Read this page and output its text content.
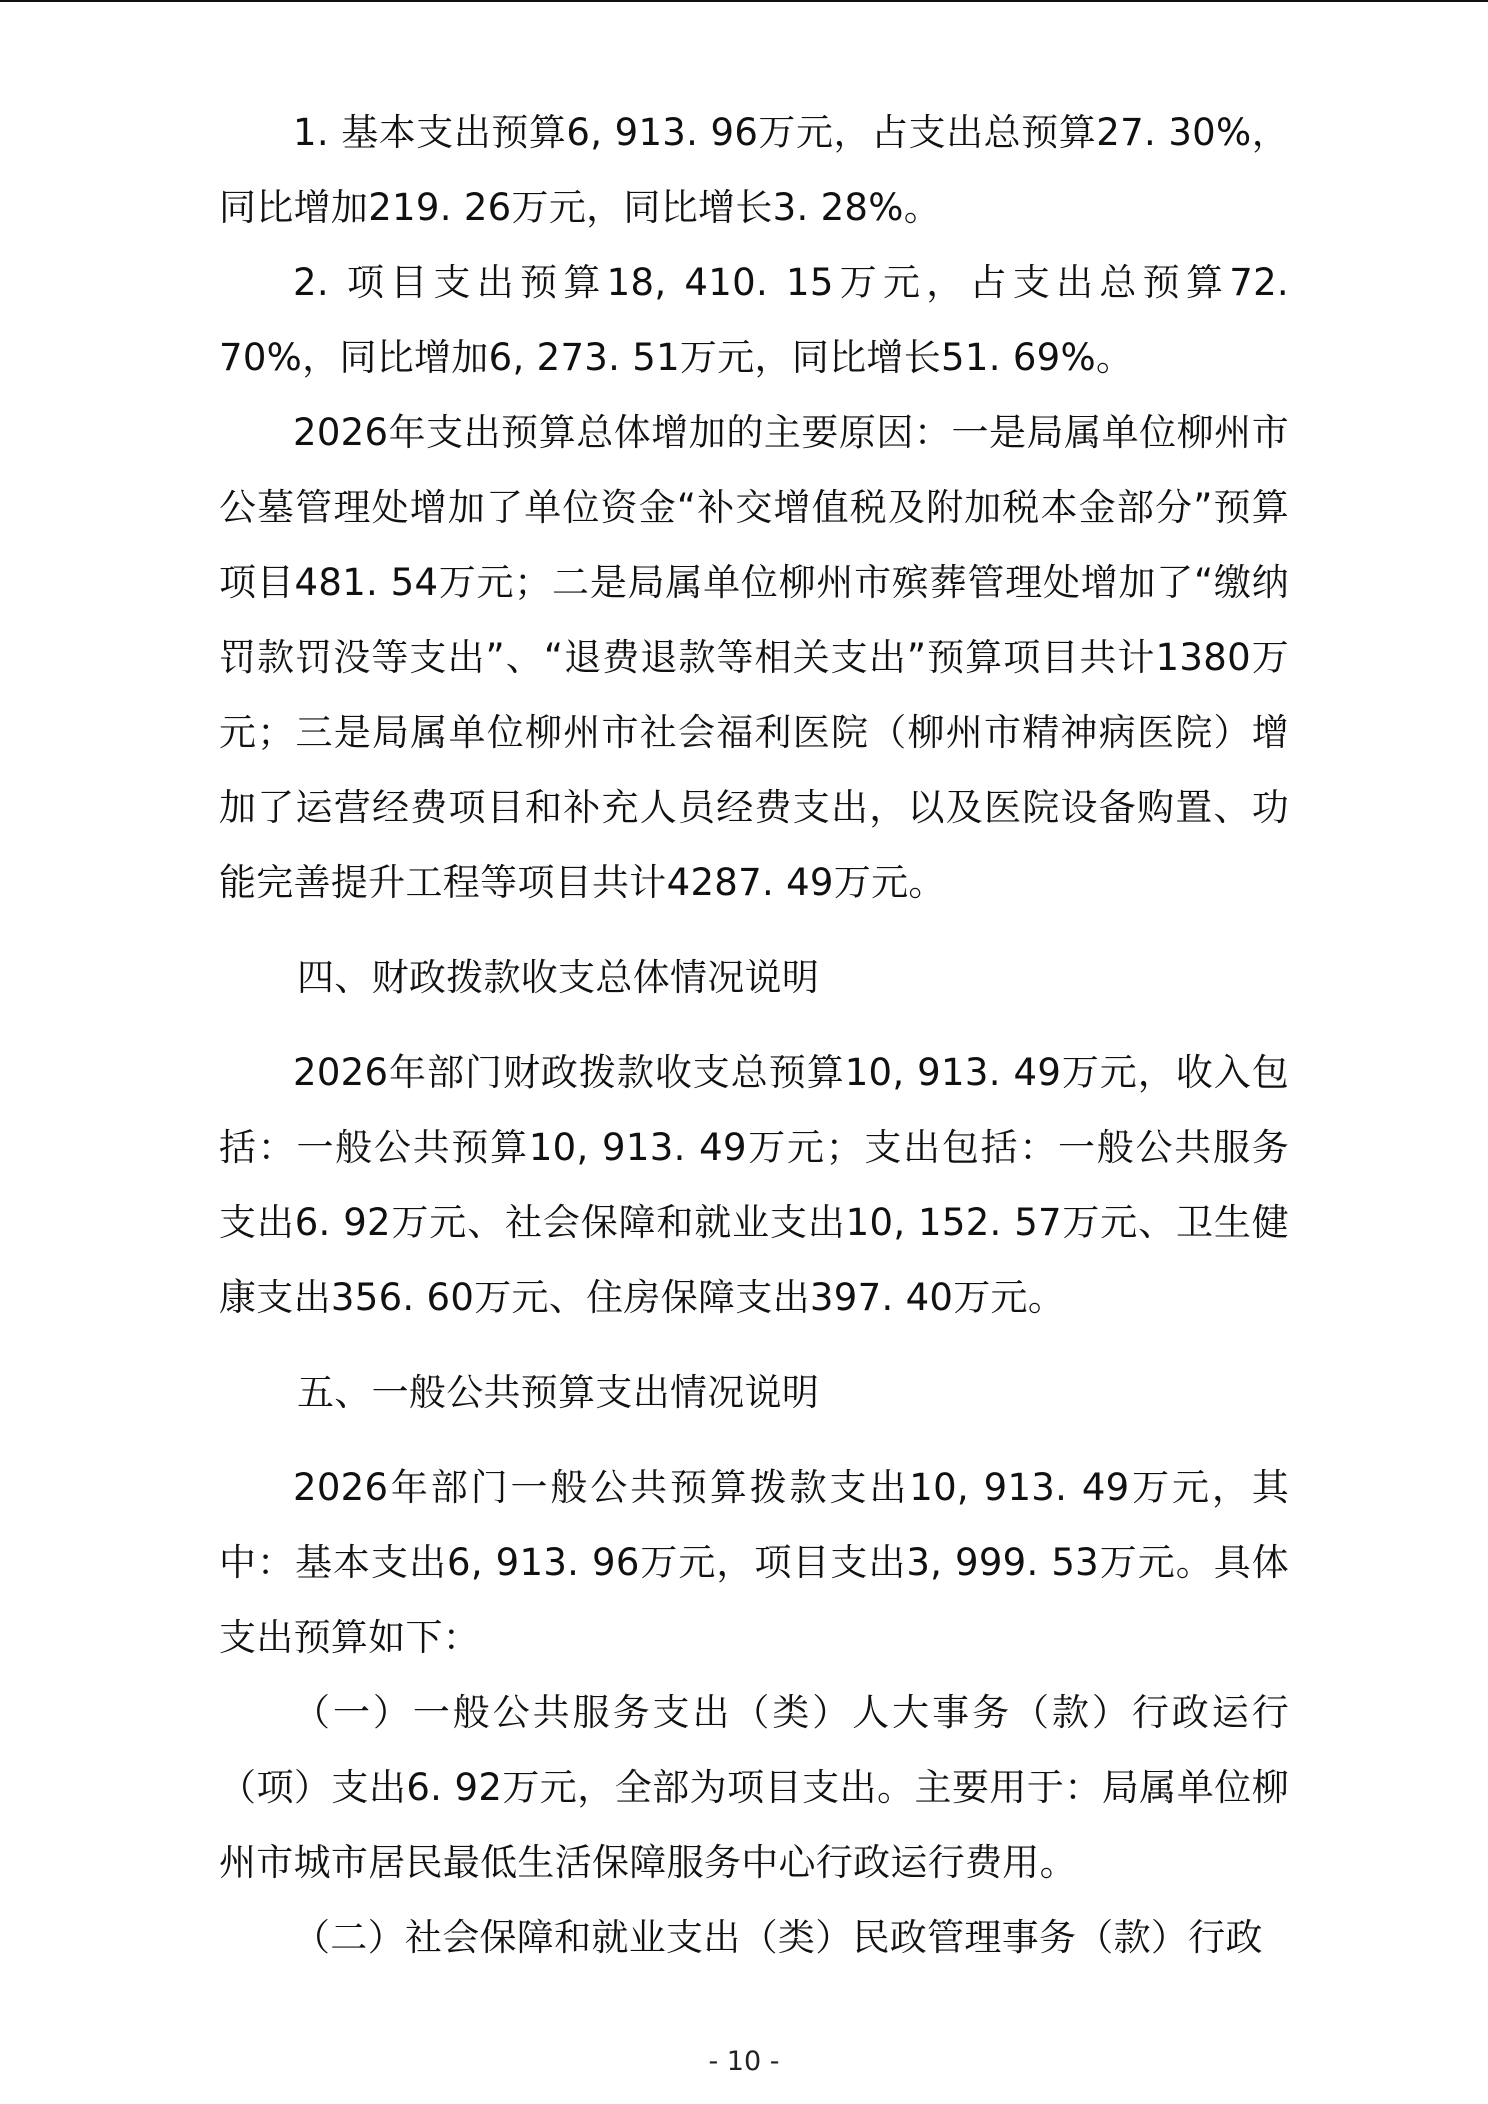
1. 基本支出预算6, 913. 96万元，占支出总预算27. 30%，同比增加219. 26万元，同比增长3. 28%。

2. 项目支出预算18, 410. 15万元，占支出总预算72. 70%，同比增加6, 273. 51万元，同比增长51. 69%。

2026年支出预算总体增加的主要原因：一是局属单位柳州市公墓管理处增加了单位资金“补交增值税及附加税本金部分”预算项目481. 54万元；二是局属单位柳州市殡葬管理处增加了“缴纳罚款罚没等支出”、“退费退款等相关支出”预算项目共计1380万元；三是局属单位柳州市社会福利医院（柳州市精神病医院）增加了运营经费项目和补充人员经费支出，以及医院设备购置、功能完善提升工程等项目共计4287. 49万元。

四、财政拨款收支总体情况说明

2026年部门财政拨款收支总预算10, 913. 49万元，收入包括：一般公共预算10, 913. 49万元；支出包括：一般公共服务支出6. 92万元、社会保障和就业支出10, 152. 57万元、卫生健康支出356. 60万元、住房保障支出397. 40万元。

五、一般公共预算支出情况说明

2026年部门一般公共预算拨款支出10, 913. 49万元，其中：基本支出6, 913. 96万元，项目支出3, 999. 53万元。具体支出预算如下：

（一）一般公共服务支出（类）人大事务（款）行政运行（项）支出6. 92万元，全部为项目支出。主要用于：局属单位柳州市城市居民最低生活保障服务中心行政运行费用。

（二）社会保障和就业支出（类）民政管理事务（款）行政

- 10 -
